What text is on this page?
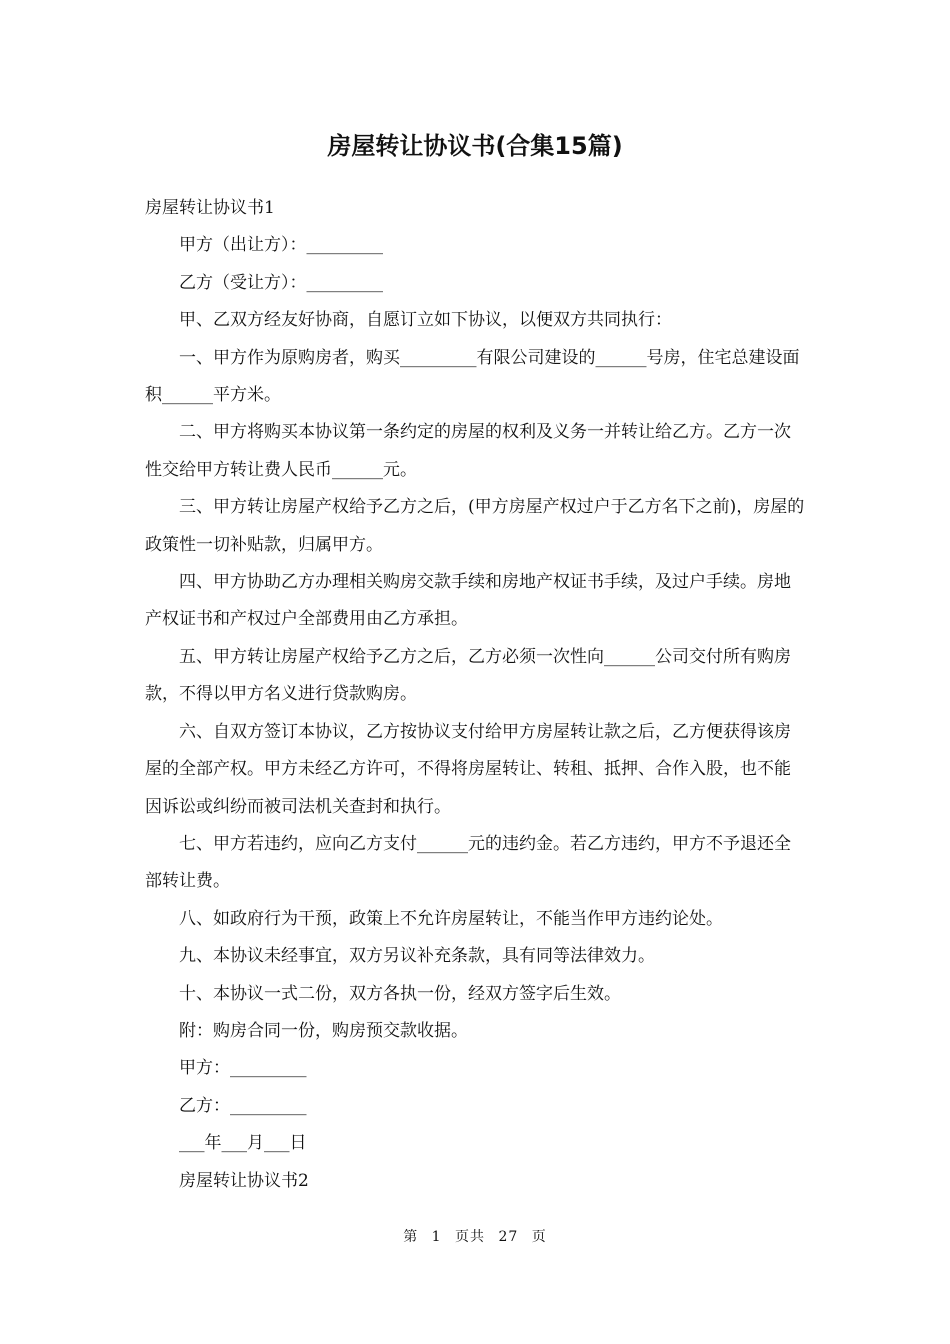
房屋转让协议书(合集15篇)

房屋转让协议书1

甲方（出让方）：_________

乙方（受让方）：_________

甲、乙双方经友好协商，自愿订立如下协议，以便双方共同执行：

一、甲方作为原购房者，购买_________有限公司建设的______号房，住宅总建设面积______平方米。

二、甲方将购买本协议第一条约定的房屋的权利及义务一并转让给乙方。乙方一次性交给甲方转让费人民币______元。

三、甲方转让房屋产权给予乙方之后，(甲方房屋产权过户于乙方名下之前)，房屋的政策性一切补贴款，归属甲方。

四、甲方协助乙方办理相关购房交款手续和房地产权证书手续，及过户手续。房地产权证书和产权过户全部费用由乙方承担。

五、甲方转让房屋产权给予乙方之后，乙方必须一次性向______公司交付所有购房款，不得以甲方名义进行贷款购房。

六、自双方签订本协议，乙方按协议支付给甲方房屋转让款之后，乙方便获得该房屋的全部产权。甲方未经乙方许可，不得将房屋转让、转租、抵押、合作入股，也不能因诉讼或纠纷而被司法机关查封和执行。

七、甲方若违约，应向乙方支付______元的违约金。若乙方违约，甲方不予退还全部转让费。

八、如政府行为干预，政策上不允许房屋转让，不能当作甲方违约论处。

九、本协议未经事宜，双方另议补充条款，具有同等法律效力。

十、本协议一式二份，双方各执一份，经双方签字后生效。

附：购房合同一份，购房预交款收据。

甲方：_________

乙方：_________

___年___月___日

房屋转让协议书2

第 1 页共 27 页
